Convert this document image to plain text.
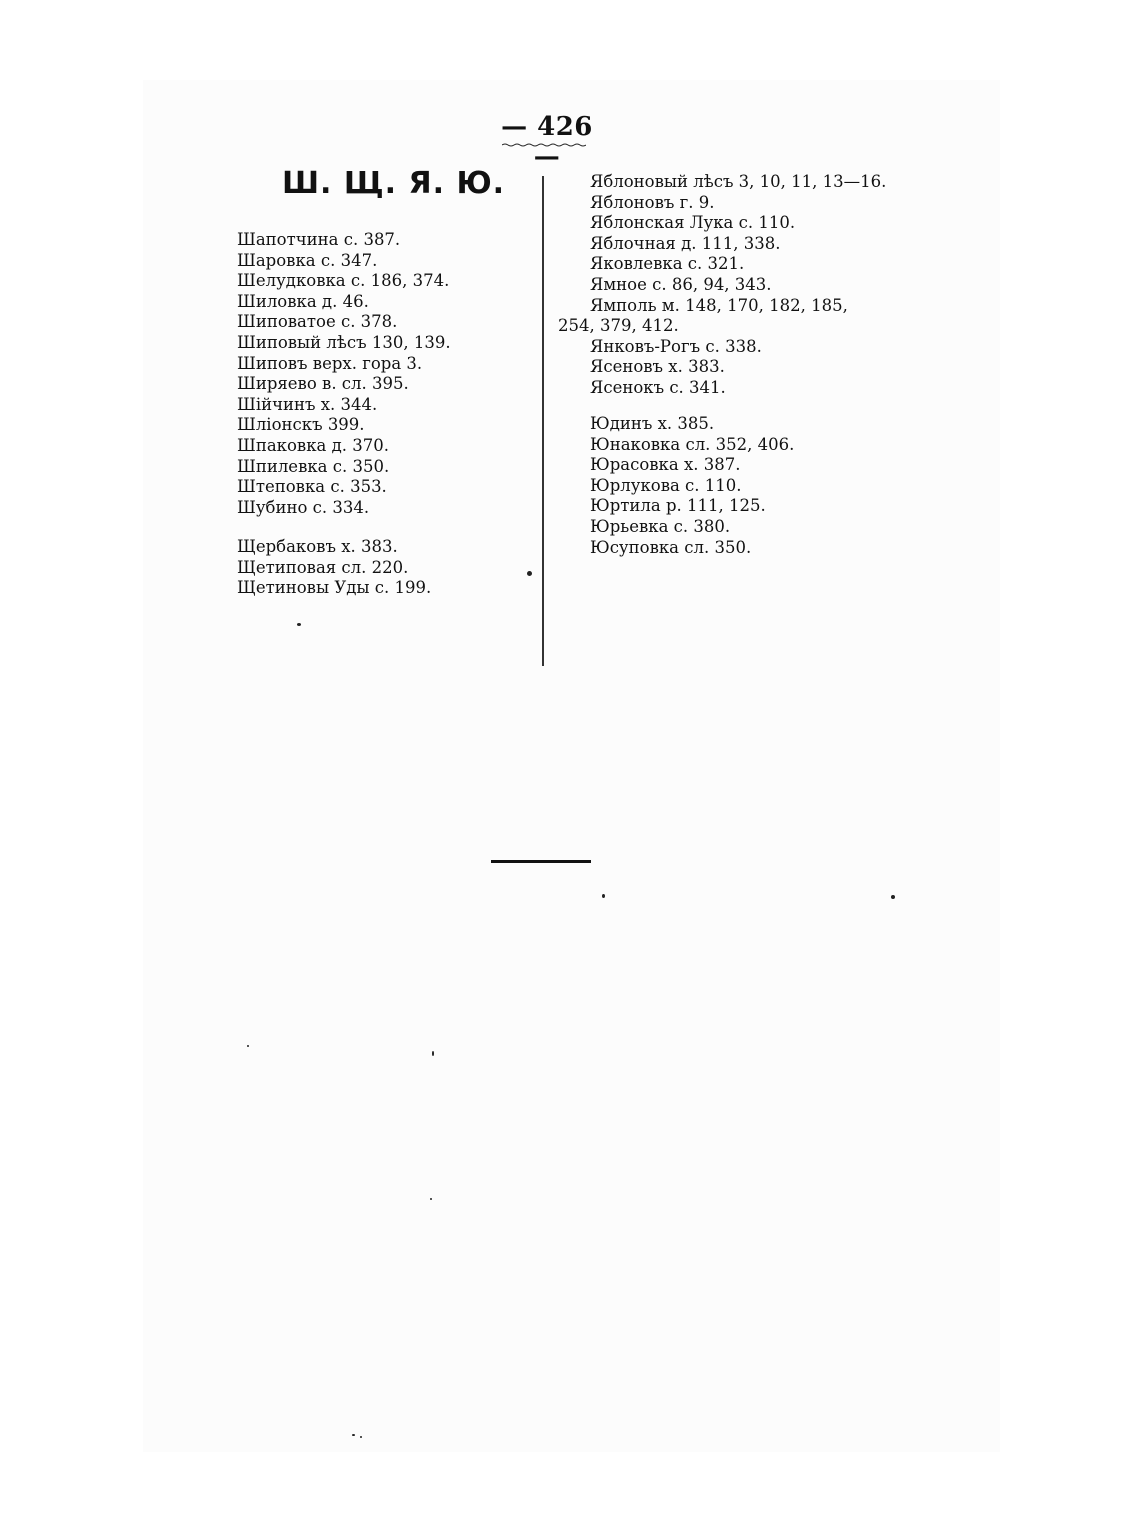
— 426 —
Ш. Щ. Я. Ю.
Шапотчина с. 387.
Шаровка с. 347.
Шелудковка с. 186, 374.
Шиловка д. 46.
Шиповатое с. 378.
Шиповый лѣсъ 130, 139.
Шиповъ верх. гора 3.
Ширяево в. сл. 395.
Шійчинъ х. 344.
Шліонскъ 399.
Шпаковка д. 370.
Шпилевка с. 350.
Штеповка с. 353.
Шубино с. 334.
Щербаковъ х. 383.
Щетиповая сл. 220.
Щетиновы Уды с. 199.
Яблоновый лѣсъ 3, 10, 11, 13—16.
Яблоновъ г. 9.
Яблонская Лука с. 110.
Яблочная д. 111, 338.
Яковлевка с. 321.
Ямное с. 86, 94, 343.
Ямполь м. 148, 170, 182, 185,
254, 379, 412.
Янковъ-Рогъ с. 338.
Ясеновъ х. 383.
Ясенокъ с. 341.
Юдинъ х. 385.
Юнаковка сл. 352, 406.
Юрасовка х. 387.
Юрлукова с. 110.
Юртила р. 111, 125.
Юрьевка с. 380.
Юсуповка сл. 350.
